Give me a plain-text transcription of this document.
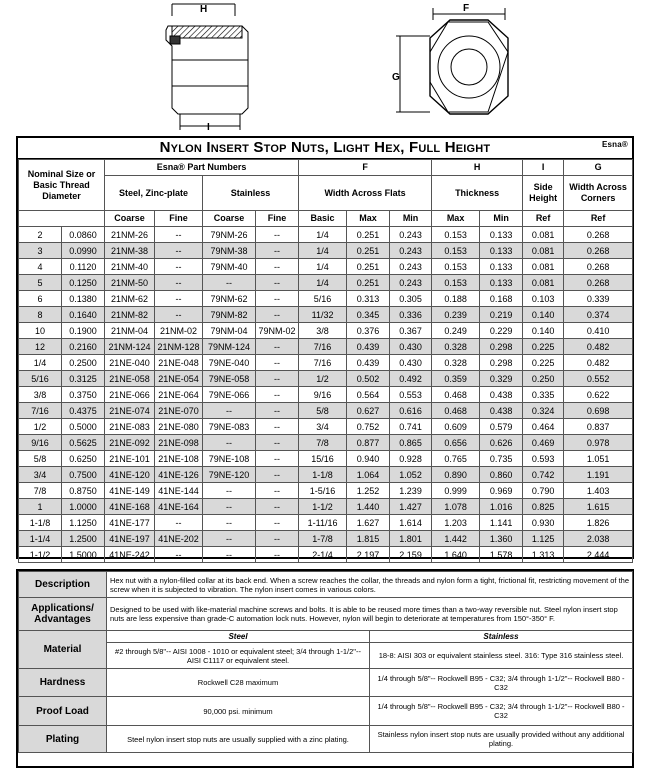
H
I
F
G
Nylon Insert Stop Nuts, Light Hex, Full Height	Esna®
Nominal Size or Basic Thread Diameter		Esna® Part Numbers				F			H		I	G
		Steel, Zinc-plate		Stainless		Width Across Flats			Thickness		Side Height	Width Across Corners
		Coarse	Fine	Coarse	Fine	Basic	Max	Min	Max	Min	Ref	Ref
2	0.0860	21NM-26	--	79NM-26	--	1/4	0.251	0.243	0.153	0.133	0.081	0.268
3	0.0990	21NM-38	--	79NM-38	--	1/4	0.251	0.243	0.153	0.133	0.081	0.268
4	0.1120	21NM-40	--	79NM-40	--	1/4	0.251	0.243	0.153	0.133	0.081	0.268
5	0.1250	21NM-50	--	--	--	1/4	0.251	0.243	0.153	0.133	0.081	0.268
6	0.1380	21NM-62	--	79NM-62	--	5/16	0.313	0.305	0.188	0.168	0.103	0.339
8	0.1640	21NM-82	--	79NM-82	--	11/32	0.345	0.336	0.239	0.219	0.140	0.374
10	0.1900	21NM-04	21NM-02	79NM-04	79NM-02	3/8	0.376	0.367	0.249	0.229	0.140	0.410
12	0.2160	21NM-124	21NM-128	79NM-124	--	7/16	0.439	0.430	0.328	0.298	0.225	0.482
1/4	0.2500	21NE-040	21NE-048	79NE-040	--	7/16	0.439	0.430	0.328	0.298	0.225	0.482
5/16	0.3125	21NE-058	21NE-054	79NE-058	--	1/2	0.502	0.492	0.359	0.329	0.250	0.552
3/8	0.3750	21NE-066	21NE-064	79NE-066	--	9/16	0.564	0.553	0.468	0.438	0.335	0.622
7/16	0.4375	21NE-074	21NE-070	--	--	5/8	0.627	0.616	0.468	0.438	0.324	0.698
1/2	0.5000	21NE-083	21NE-080	79NE-083	--	3/4	0.752	0.741	0.609	0.579	0.464	0.837
9/16	0.5625	21NE-092	21NE-098	--	--	7/8	0.877	0.865	0.656	0.626	0.469	0.978
5/8	0.6250	21NE-101	21NE-108	79NE-108	--	15/16	0.940	0.928	0.765	0.735	0.593	1.051
3/4	0.7500	41NE-120	41NE-126	79NE-120	--	1-1/8	1.064	1.052	0.890	0.860	0.742	1.191
7/8	0.8750	41NE-149	41NE-144	--	--	1-5/16	1.252	1.239	0.999	0.969	0.790	1.403
1	1.0000	41NE-168	41NE-164	--	--	1-1/2	1.440	1.427	1.078	1.016	0.825	1.615
1-1/8	1.1250	41NE-177	--	--	--	1-11/16	1.627	1.614	1.203	1.141	0.930	1.826
1-1/4	1.2500	41NE-197	41NE-202	--	--	1-7/8	1.815	1.801	1.442	1.360	1.125	2.038
1-1/2	1.5000	41NE-242	--	--	--	2-1/4	2.197	2.159	1.640	1.578	1.313	2.444
Description	Hex nut with a nylon-filled collar at its back end. When a screw reaches the collar, the threads and nylon form a tight, frictional fit, restricting movement of the screw when it is subjected to vibration. The nylon insert comes in various colors.	
Applications/ Advantages	Designed to be used with like-material machine screws and bolts. It is able to be reused more times than a two-way reversible nut. Steel nylon insert stop nuts are less expensive than grade-C automation lock nuts. However, nylon will begin to deteriorate at temperatures from 150°-350° F.	
Material	Steel	Stainless
	#2 through 5/8"-- AISI 1008 - 1010 or equivalent steel; 3/4 through 1-1/2"-- AISI C1117 or equivalent steel.	18-8: AISI 303 or equivalent stainless steel. 316: Type 316 stainless steel.
Hardness	Rockwell C28 maximum	1/4 through 5/8"-- Rockwell B95 - C32; 3/4 through 1-1/2"-- Rockwell B80 - C32
Proof Load	90,000 psi. minimum	1/4 through 5/8"-- Rockwell B95 - C32; 3/4 through 1-1/2"-- Rockwell B80 - C32
Plating	Steel nylon insert stop nuts are usually supplied with a zinc plating.	Stainless nylon insert stop nuts are usually provided without any additional plating.
